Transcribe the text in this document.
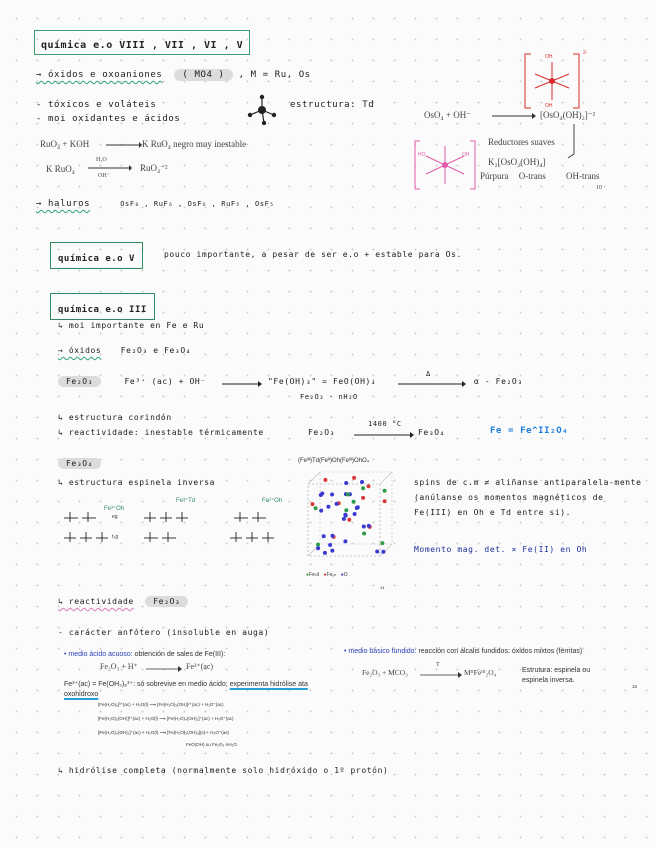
química e.o VIII , VII , VI , V
→ óxidos e oxoaniones ( MO4 ) , M = Ru, Os
- tóxicos e voláteis
- moi oxidantes e ácidos
estructura: Td
RuO₄ + KOH	K RuO₄ negro muy inestable
K RuO₄
H₂O
OH⁻
RuO₄⁻²
→ haluros	OsF₈ , RuF₆ , OsF₆ , RuF₅ , OsF₅
OH
OH
2-
OsO₄ + OH⁻	[OsO₄(OH)₂]⁻²
Reductores suaves
K₂[OsO₂(OH)₄]
Púrpura O-trans OH-trans
10
HO	OH
química e.o V	pouco importante, a pesar de ser e.o + estable para Os.
química e.o III
↳ moi importante en Fe e Ru
→ óxidos Fe₂O₃ e Fe₃O₄
Fe₂O₃	Fe³⁺ (ac) + OH⁻	"Fe(OH)₃" = FeO(OH)↓
Δ
α - Fe₂O₃
Fe₂O₃ · nH₂O
↳ estructura corindón
↳ reactividade: inestable térmicamente	Fe₂O₃
1400 °C
Fe₃O₄	Fe = Fe^II₂O₄
Fe₃O₄
↳ estructura espinela inversa
Fe³⁺Oh
Fe³⁺Td	Fe²⁺Oh
eg
t₂g
(Feᴵᴵᴵ)Td(Feᴵᴵ)Oh(Feᴵᴵᴵ)OhO₄
●Feₜd ●Feₒₕ ●O
14
spins de c.m ≠ aliñanse antiparalela-mente (anúlanse os momentos magnéticos de Fe(III) en Oh e Td entre si).
Momento mag. det. × Fe(II) en Oh
↳ reactividade Fe₂O₃
- carácter anfótero (insoluble en auga)
• medio ácido acuoso: obtención de sales de Fe(III):
Fe₂O₃ + H⁺	Fe³⁺(ac)
Fe³⁺(ac) = Fe(OH₂)₆³⁺: só sobrevive en medio ácido; experimenta hidrólise ata oxohidroxo
[Fe(H₂O)₆]³⁺(ac) + H₂O(l) ⟶ [Fe(H₂O)₅(OH)]²⁺(ac) + H₃O⁺(ac)
[Fe(H₂O)₅(OH)]²⁺(ac) + H₂O(l) ⟶ [Fe(H₂O)₄(OH)₂]⁺(ac) + H₃O⁺(ac)
[Fe(H₂O)₄(OH)₂]⁺(ac) + H₂O(l) ⟶ [Fe(H₂O)₃(OH)₃](s) + H₃O⁺(ac)
FeO(OH) ou Fe₂O₃·nH₂O
• medio básico fundido: reacción con álcalis fundidos: óxidos mixtos (ferritas)
Fe₂O₃ + MCO₃
T
MᴵᴵFeᴵᴵᴵ₂O₄	Estrutura: espinela ou espinela inversa.
15
↳ hidrólise completa (normalmente solo hidróxido o 1º protón)
